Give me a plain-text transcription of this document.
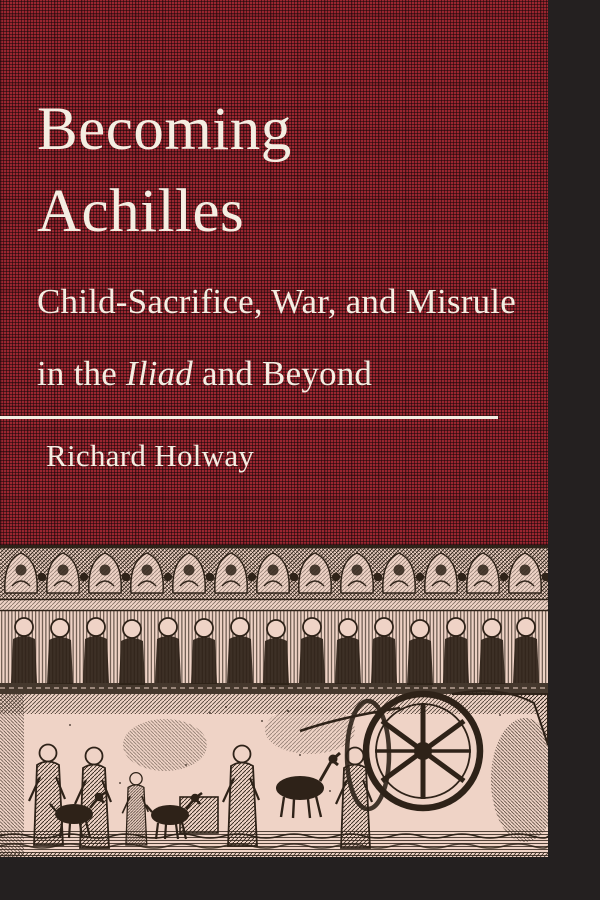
Becoming
Achilles
Child-Sacrifice, War, and Misrule
in the Iliad and Beyond
Richard Holway
